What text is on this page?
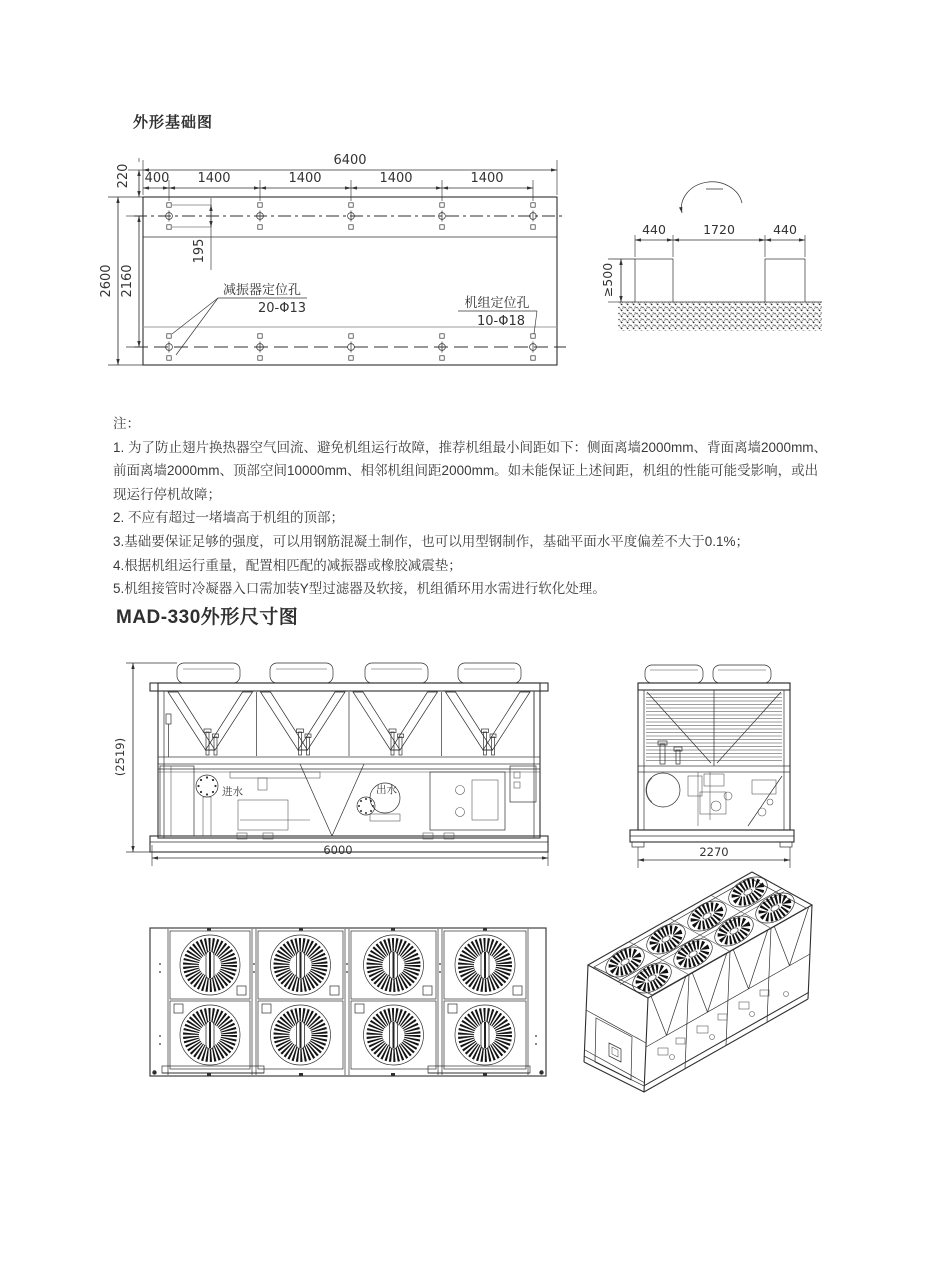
外形基础图
6400
400 1400	1400	1400	1400
220
2600 2160
195
减振器定位孔
20-Φ13	机组定位孔
10-Φ18
440	1720	440
≥500

注：

1. 为了防止翅片换热器空气回流、避免机组运行故障，推荐机组最小间距如下：侧面离墙2000mm、背面离墙2000mm、前面离墙2000mm、顶部空间10000mm、相邻机组间距2000mm。如未能保证上述间距，机组的性能可能受影响，或出现运行停机故障；

2. 不应有超过一堵墙高于机组的顶部；

3.基础要保证足够的强度，可以用钢筋混凝土制作，也可以用型钢制作，基础平面水平度偏差不大于0.1%；

4.根据机组运行重量，配置相匹配的减振器或橡胶减震垫；

5.机组接管时冷凝器入口需加装Y型过滤器及软接，机组循环用水需进行软化处理。

MAD-330外形尺寸图
进水	出水
(2519)
6000	2270
